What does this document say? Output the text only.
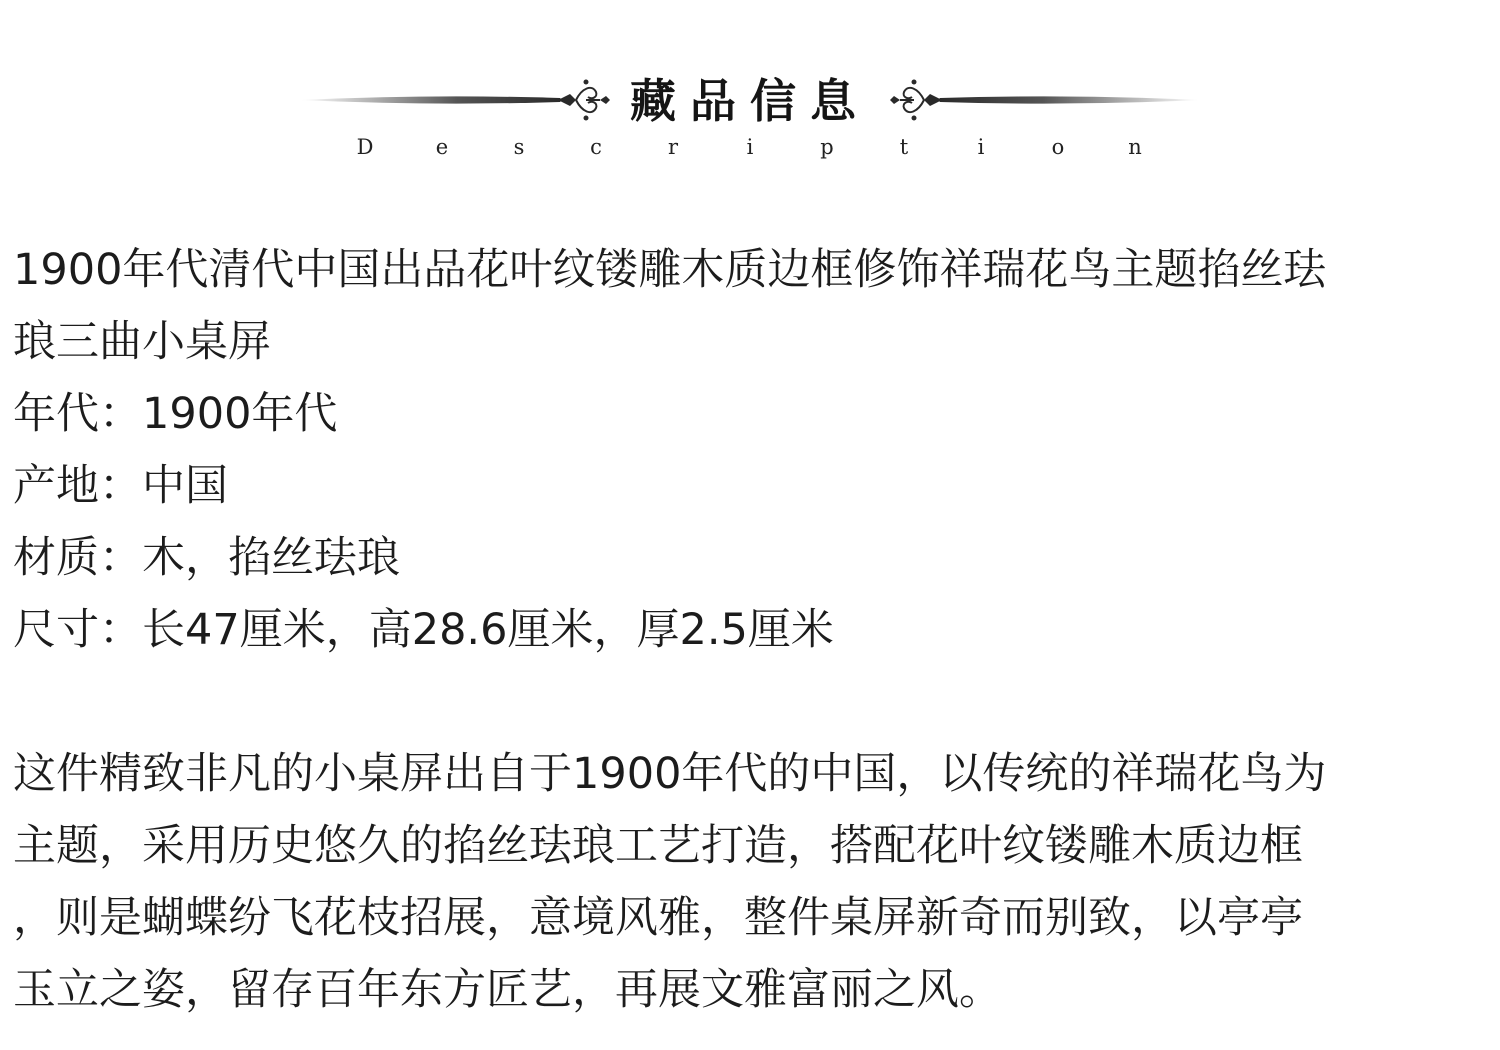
藏品信息
D	e	s	c	r	i	p	t	i	o	n
1900年代清代中国出品花叶纹镂雕木质边框修饰祥瑞花鸟主题掐丝珐
琅三曲小桌屏
年代：1900年代
产地：中国
材质：木，掐丝珐琅
尺寸：长47厘米，高28.6厘米，厚2.5厘米
这件精致非凡的小桌屏出自于1900年代的中国，以传统的祥瑞花鸟为
主题，采用历史悠久的掐丝珐琅工艺打造，搭配花叶纹镂雕木质边框
，则是蝴蝶纷飞花枝招展，意境风雅，整件桌屏新奇而别致，以亭亭
玉立之姿，留存百年东方匠艺，再展文雅富丽之风。
